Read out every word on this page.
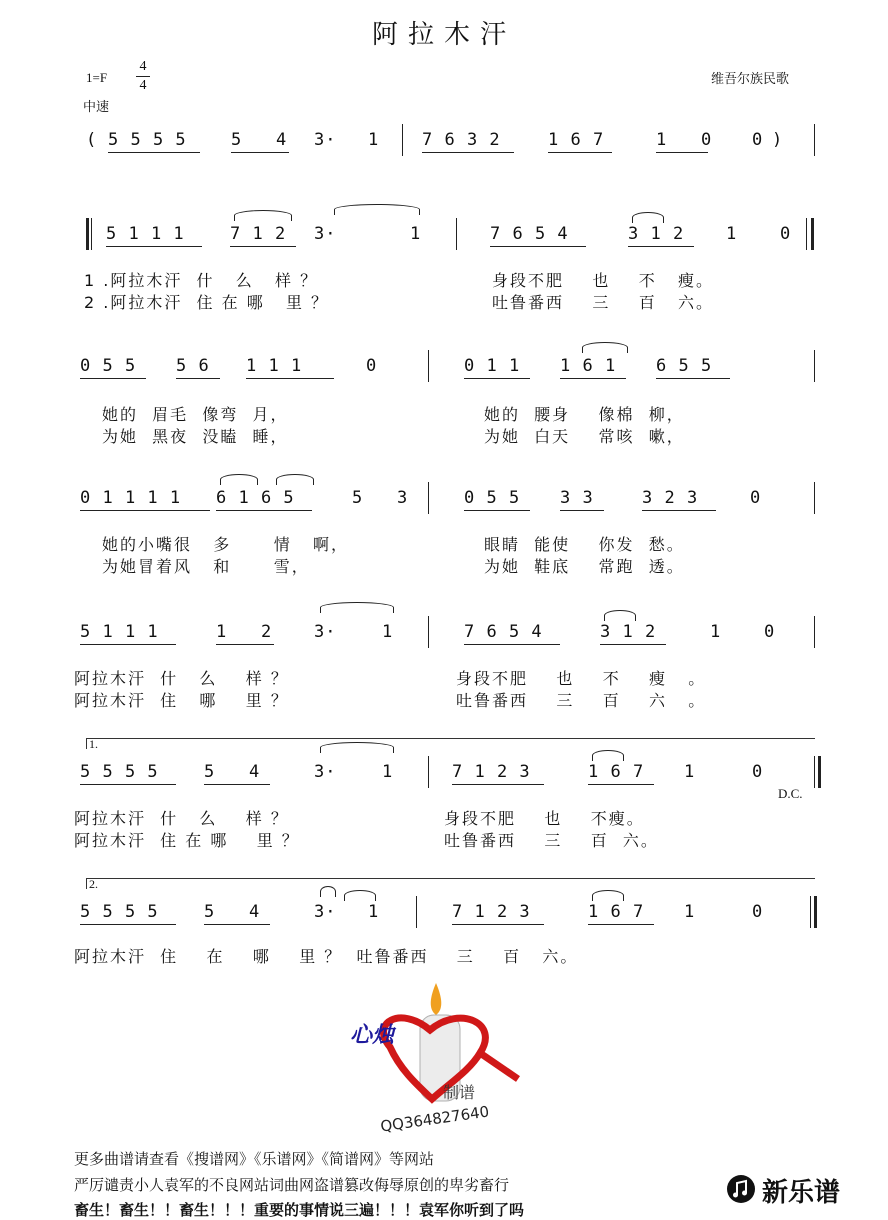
阿拉木汗
1=F
4
4
中速
维吾尔族民歌
( 5 5 5 5	5   4 3· 1	7 6 3 2	1 6 7	1   0 0 )
5 1 1 1	7 1 2 3·	1	7 6 5 4	3 1 2 1	0
1 .阿拉木汗  什   么   样 ？	身段不肥    也    不   瘦。
2 .阿拉木汗  住 在 哪   里 ？	吐鲁番西    三    百   六。
0 5 5 5 6 1 1 1	0	0 1 1 1 6 1 6 5 5
她的  眉毛  像弯  月，	她的  腰身    像棉  柳，
为她  黑夜  没瞌  睡，	为她  白天    常咳  嗽，
0 1 1 1 1 6 1 6 5	5   3	0 5 5 3 3	3 2 3	0
她的小嘴很   多      情   啊，	眼睛  能使    你发  愁。
为她冒着风   和      雪，	为她  鞋底    常跑  透。
5 1 1 1	1   2 3·	1	7 6 5 4	3 1 2	1	0
阿拉木汗  什   么    样 ？	身段不肥    也    不    瘦   。
阿拉木汗  住   哪    里 ？	吐鲁番西    三    百    六   。
1.
5 5 5 5	5   4	3·	1	7 1 2 3	1 6 7 1	0
D.C.
阿拉木汗  什   么    样 ？	身段不肥    也    不瘦。
阿拉木汗  住 在 哪    里 ？	吐鲁番西    三    百  六。
2.
5 5 5 5	5   4	3· 1	7 1 2 3	1 6 7 1	0
阿拉木汗  住    在    哪    里 ？  吐鲁番西    三    百   六。
心烛
制谱
QQ364827640
更多曲谱请查看《搜谱网》《乐谱网》《简谱网》等网站
严厉谴责小人袁军的不良网站词曲网盗谱篡改侮辱原创的卑劣畜行
畜生！畜生！！畜生！！！重要的事情说三遍！！！袁军你听到了吗
新乐谱
